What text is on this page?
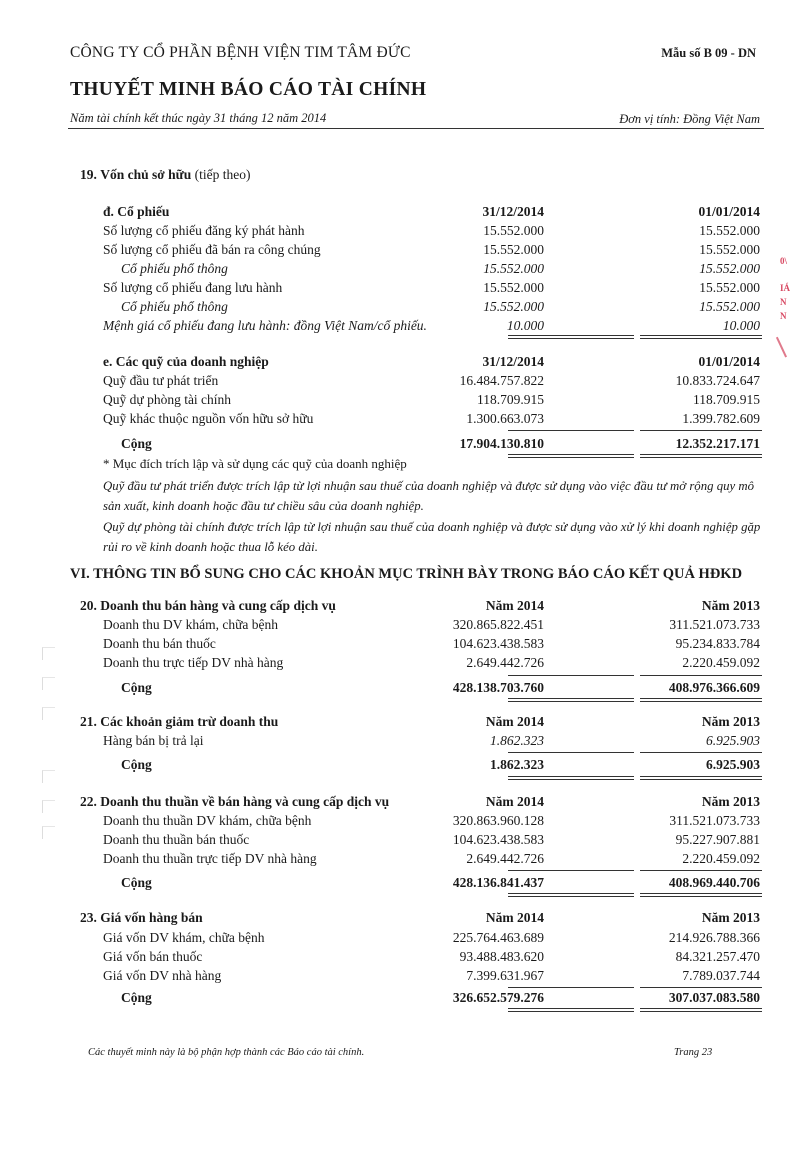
CÔNG TY CỔ PHẦN BỆNH VIỆN TIM TÂM ĐỨC	Mẫu số B 09 - DN
THUYẾT MINH BÁO CÁO TÀI CHÍNH
Năm tài chính kết thúc ngày 31 tháng 12 năm 2014	Đơn vị tính: Đồng Việt Nam
19. Vốn chủ sở hữu (tiếp theo)
đ. Cổ phiếu	31/12/2014	01/01/2014
Số lượng cổ phiếu đăng ký phát hành	15.552.000	15.552.000
Số lượng cổ phiếu đã bán ra công chúng	15.552.000	15.552.000
Cổ phiếu phổ thông	15.552.000	15.552.000
Số lượng cổ phiếu đang lưu hành	15.552.000	15.552.000
Cổ phiếu phổ thông	15.552.000	15.552.000
Mệnh giá cổ phiếu đang lưu hành: đồng Việt Nam/cổ phiếu.	10.000	10.000
e. Các quỹ của doanh nghiệp	31/12/2014	01/01/2014
Quỹ đầu tư phát triển	16.484.757.822	10.833.724.647
Quỹ dự phòng tài chính	118.709.915	118.709.915
Quỹ khác thuộc nguồn vốn hữu sở hữu	1.300.663.073	1.399.782.609
Cộng	17.904.130.810	12.352.217.171
* Mục đích trích lập và sử dụng các quỹ của doanh nghiệp
Quỹ đầu tư phát triển được trích lập từ lợi nhuận sau thuế của doanh nghiệp và được sử dụng vào việc đầu tư mở rộng quy mô sản xuất, kinh doanh hoặc đầu tư chiều sâu của doanh nghiệp.
Quỹ dự phòng tài chính được trích lập từ lợi nhuận sau thuế của doanh nghiệp và được sử dụng vào xử lý khi doanh nghiệp gặp rủi ro về kinh doanh hoặc thua lỗ kéo dài.
VI. THÔNG TIN BỔ SUNG CHO CÁC KHOẢN MỤC TRÌNH BÀY TRONG BÁO CÁO KẾT QUẢ HĐKD
20. Doanh thu bán hàng và cung cấp dịch vụ	Năm 2014	Năm 2013
Doanh thu DV khám, chữa bệnh	320.865.822.451	311.521.073.733
Doanh thu bán thuốc	104.623.438.583	95.234.833.784
Doanh thu trực tiếp DV nhà hàng	2.649.442.726	2.220.459.092
Cộng	428.138.703.760	408.976.366.609
21. Các khoản giảm trừ doanh thu	Năm 2014	Năm 2013
Hàng bán bị trả lại	1.862.323	6.925.903
Cộng	1.862.323	6.925.903
22. Doanh thu thuần về bán hàng và cung cấp dịch vụ	Năm 2014	Năm 2013
Doanh thu thuần DV khám, chữa bệnh	320.863.960.128	311.521.073.733
Doanh thu thuần bán thuốc	104.623.438.583	95.227.907.881
Doanh thu thuần trực tiếp DV nhà hàng	2.649.442.726	2.220.459.092
Cộng	428.136.841.437	408.969.440.706
23. Giá vốn hàng bán	Năm 2014	Năm 2013
Giá vốn DV khám, chữa bệnh	225.764.463.689	214.926.788.366
Giá vốn bán thuốc	93.488.483.620	84.321.257.470
Giá vốn DV nhà hàng	7.399.631.967	7.789.037.744
Cộng	326.652.579.276	307.037.083.580
Các thuyết minh này là bộ phận hợp thành các Báo cáo tài chính.	Trang 23
0\
IÁ
N
N
